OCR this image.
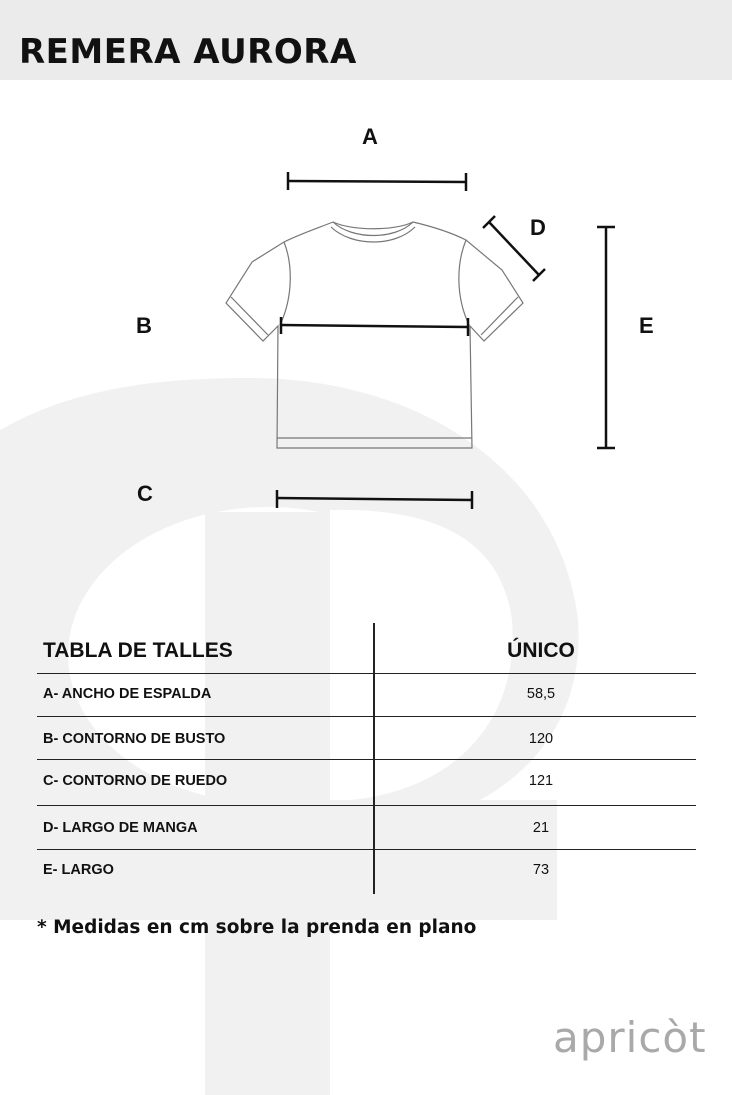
REMERA AURORA
A
B
C
D
E
TABLA DE TALLES	ÚNICO
A- ANCHO DE ESPALDA	58,5
B- CONTORNO DE BUSTO	120
C- CONTORNO DE RUEDO	121
D- LARGO DE MANGA	21
E- LARGO	73

* Medidas en cm sobre la prenda en plano

apricòt
